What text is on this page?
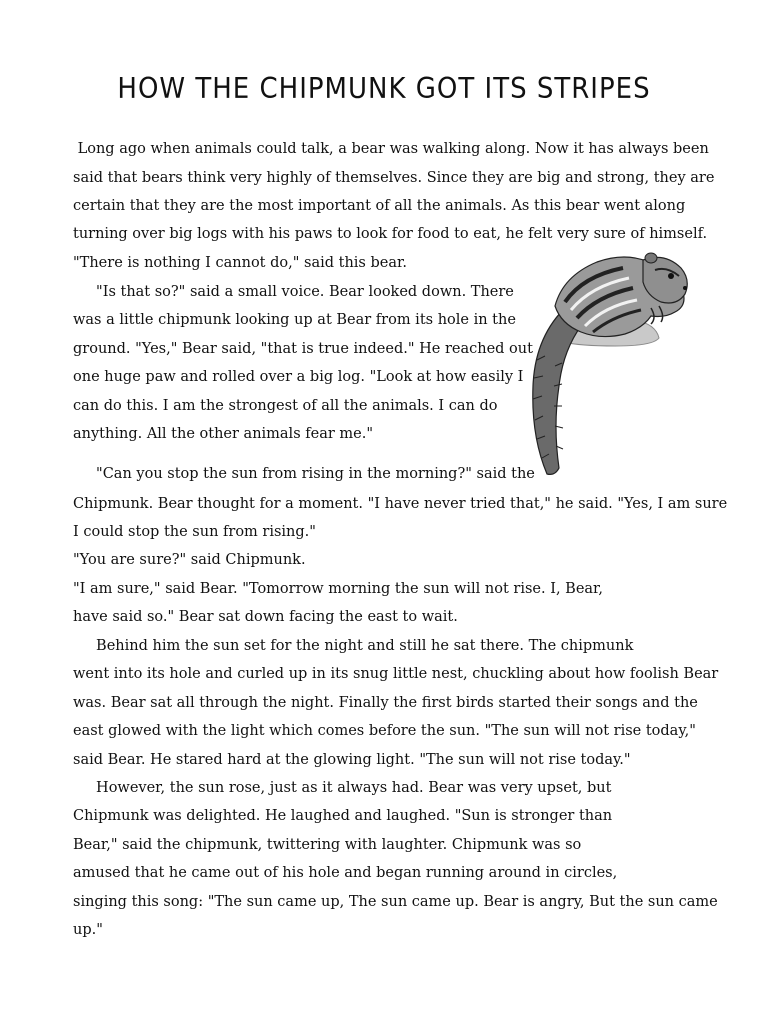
HOW THE CHIPMUNK GOT ITS STRIPES

Long ago when animals could talk, a bear was walking along. Now it has always been

said that bears think very highly of themselves. Since they are big and strong, they are

certain that they are the most important of all the animals. As this bear went along

turning over big logs with his paws to look for food to eat, he felt very sure of himself.

"There is nothing I cannot do," said this bear.

"Is that so?" said a small voice. Bear looked down. There

was a little chipmunk looking up at Bear from its hole in the

ground. "Yes," Bear said, "that is true indeed." He reached out

one huge paw and rolled over a big log. "Look at how easily I

can do this. I am the strongest of all the animals. I can do

anything. All the other animals fear me."

"Can you stop the sun from rising in the morning?" said the

Chipmunk. Bear thought for a moment. "I have never tried that," he said. "Yes, I am sure

I could stop the sun from rising."

"You are sure?" said Chipmunk.

"I am sure," said Bear. "Tomorrow morning the sun will not rise. I, Bear,

have said so." Bear sat down facing the east to wait.

Behind him the sun set for the night and still he sat there. The chipmunk

went into its hole and curled up in its snug little nest, chuckling about how foolish Bear

was. Bear sat all through the night. Finally the first birds started their songs and the

east glowed with the light which comes before the sun. "The sun will not rise today,"

said Bear. He stared hard at the glowing light. "The sun will not rise today."

However, the sun rose, just as it always had. Bear was very upset, but

Chipmunk was delighted. He laughed and laughed. "Sun is stronger than

Bear," said the chipmunk, twittering with laughter. Chipmunk was so

amused that he came out of his hole and began running around in circles,

singing this song: "The sun came up, The sun came up. Bear is angry, But the sun came

up."
